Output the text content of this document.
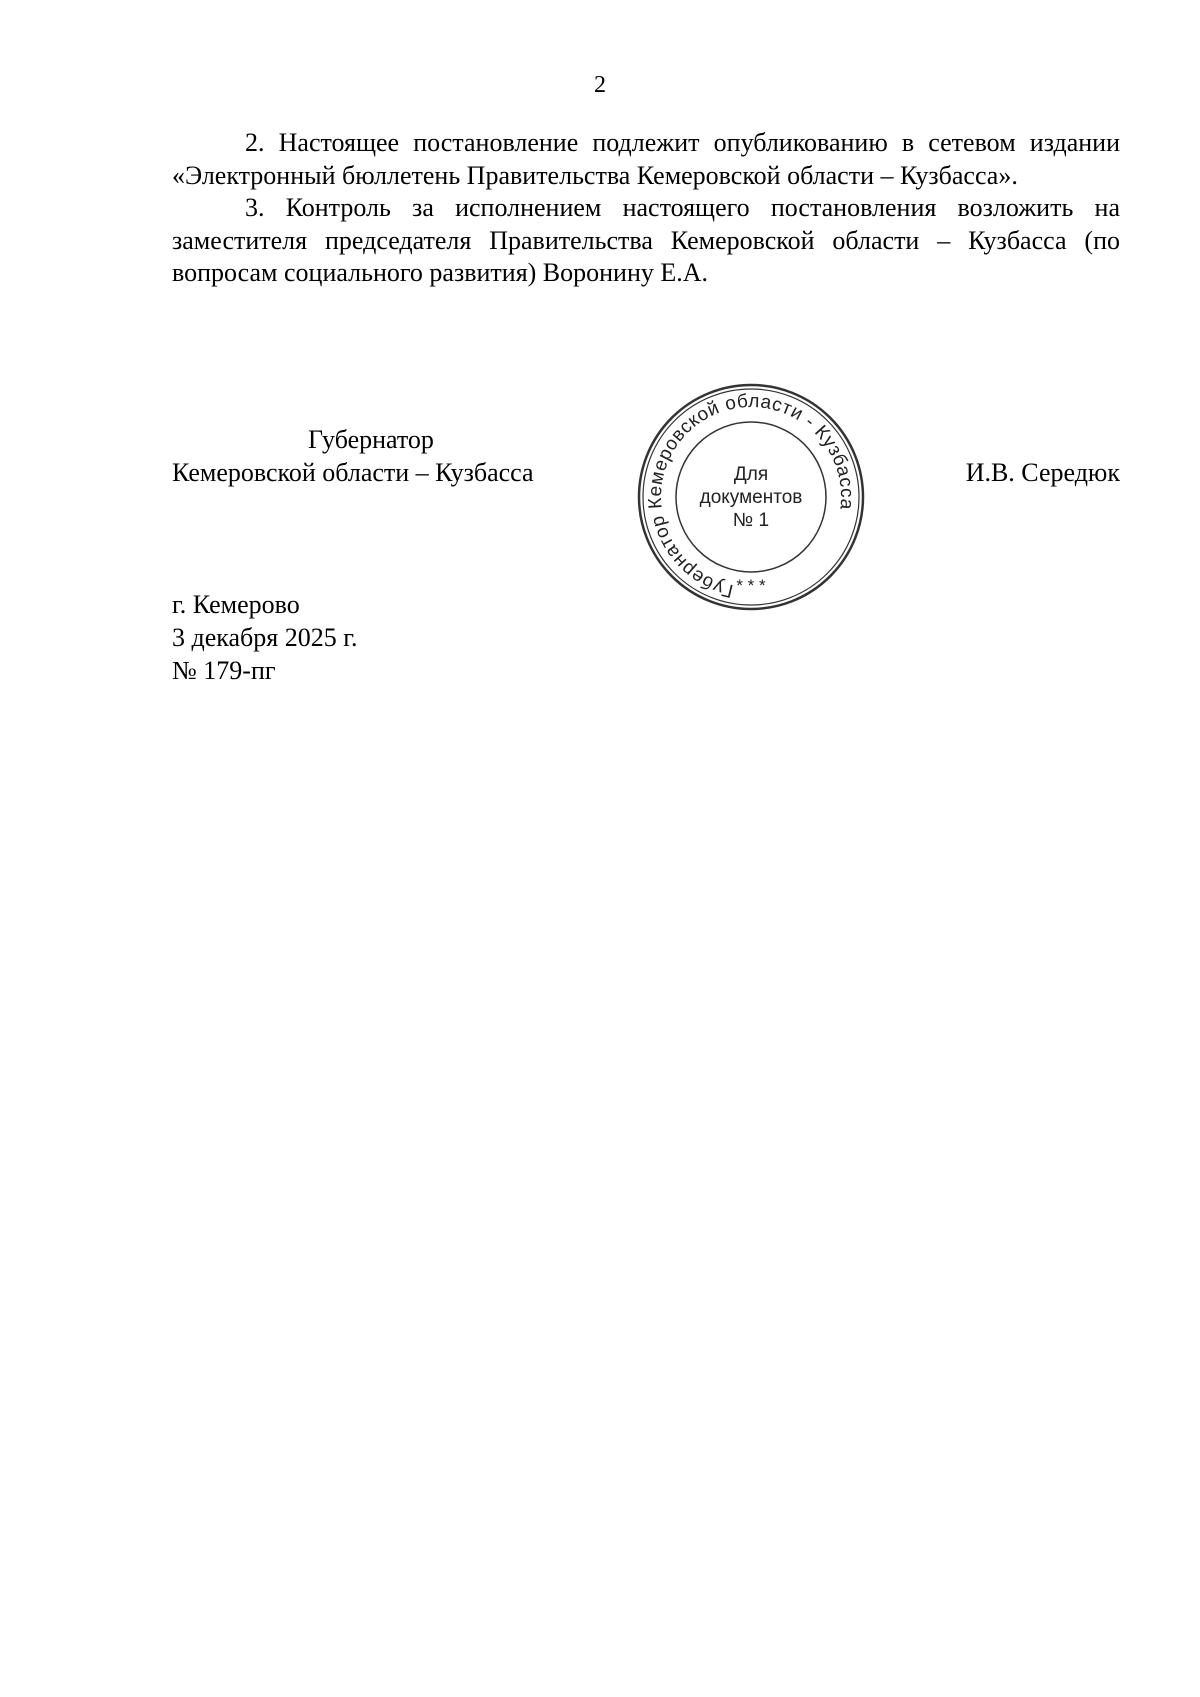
2

2. Настоящее постановление подлежит опубликованию в сетевом издании «Электронный бюллетень Правительства Кемеровской области – Кузбасса».

3. Контроль за исполнением настоящего постановления возложить на заместителя председателя Правительства Кемеровской области – Кузбасса (по вопросам социального развития) Воронину Е.А.

Губернатор
Кемеровской области – Кузбасса
Губернатор Кемеровской области - Кузбасса
Для
документов
№ 1
* * *
И.В. Середюк
г. Кемерово
3 декабря 2025 г.
№ 179-пг
